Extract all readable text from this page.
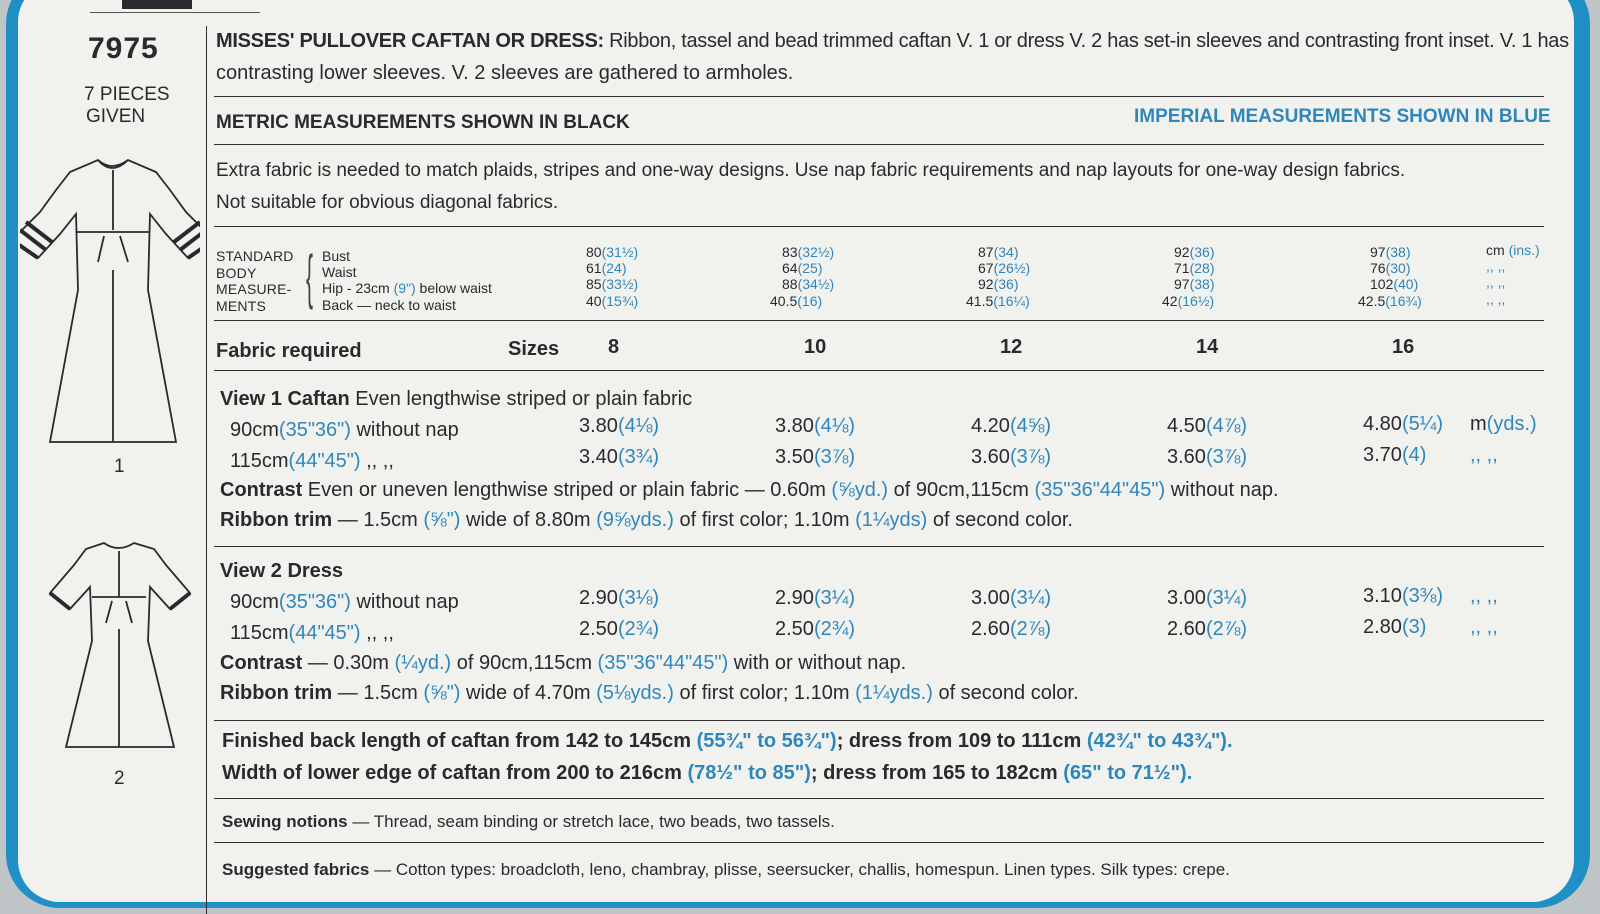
7975
7 PIECES
GIVEN
1
2
MISSES' PULLOVER CAFTAN OR DRESS: Ribbon, tassel and bead trimmed caftan V. 1 or dress V. 2 has set-in sleeves and contrasting front inset. V. 1 has
contrasting lower sleeves. V. 2 sleeves are gathered to armholes.
METRIC MEASUREMENTS SHOWN IN BLACK	IMPERIAL MEASUREMENTS SHOWN IN BLUE
Extra fabric is needed to match plaids, stripes and one-way designs. Use nap fabric requirements and nap layouts for one-way design fabrics.
Not suitable for obvious diagonal fabrics.
STANDARD
BODY
MEASURE-
MENTS { Bust	80(31½)	83(32½)	87(34)	92(36)	97(38)	cm (ins.)
Waist	61(24)	64(25)	67(26½)	71(28)	76(30)	,, ,,
Hip - 23cm (9") below waist	85(33½)	88(34½)	92(36)	97(38)	102(40)	,, ,,
Back — neck to waist	40(15¾)	40.5(16)	41.5(16¼)	42(16½)	42.5(16¾)	,, ,,
Fabric required	Sizes 8	10	12	14	16
View 1 Caftan Even lengthwise striped or plain fabric
90cm(35"36") without nap	3.80(4⅛)	3.80(4⅛)	4.20(4⅝)	4.50(4⅞)	4.80(5¼) m(yds.)
115cm(44"45") ,, ,,	3.40(3¾)	3.50(3⅞)	3.60(3⅞)	3.60(3⅞)	3.70(4) ,, ,,
Contrast Even or uneven lengthwise striped or plain fabric — 0.60m (⅝yd.) of 90cm,115cm (35"36"44"45") without nap.
Ribbon trim — 1.5cm (⅝") wide of 8.80m (9⅝yds.) of first color; 1.10m (1¼yds) of second color.
View 2 Dress
90cm(35"36") without nap	2.90(3⅛)	2.90(3¼)	3.00(3¼)	3.00(3¼)	3.10(3⅜) ,, ,,
115cm(44"45") ,, ,,	2.50(2¾)	2.50(2¾)	2.60(2⅞)	2.60(2⅞)	2.80(3) ,, ,,
Contrast — 0.30m (¼yd.) of 90cm,115cm (35"36"44"45") with or without nap.
Ribbon trim — 1.5cm (⅝") wide of 4.70m (5⅛yds.) of first color; 1.10m (1¼yds.) of second color.
Finished back length of caftan from 142 to 145cm (55¾" to 56¾"); dress from 109 to 111cm (42¾" to 43¾").
Width of lower edge of caftan from 200 to 216cm (78½" to 85"); dress from 165 to 182cm (65" to 71½").
Sewing notions — Thread, seam binding or stretch lace, two beads, two tassels.
Suggested fabrics — Cotton types: broadcloth, leno, chambray, plisse, seersucker, challis, homespun. Linen types. Silk types: crepe.
